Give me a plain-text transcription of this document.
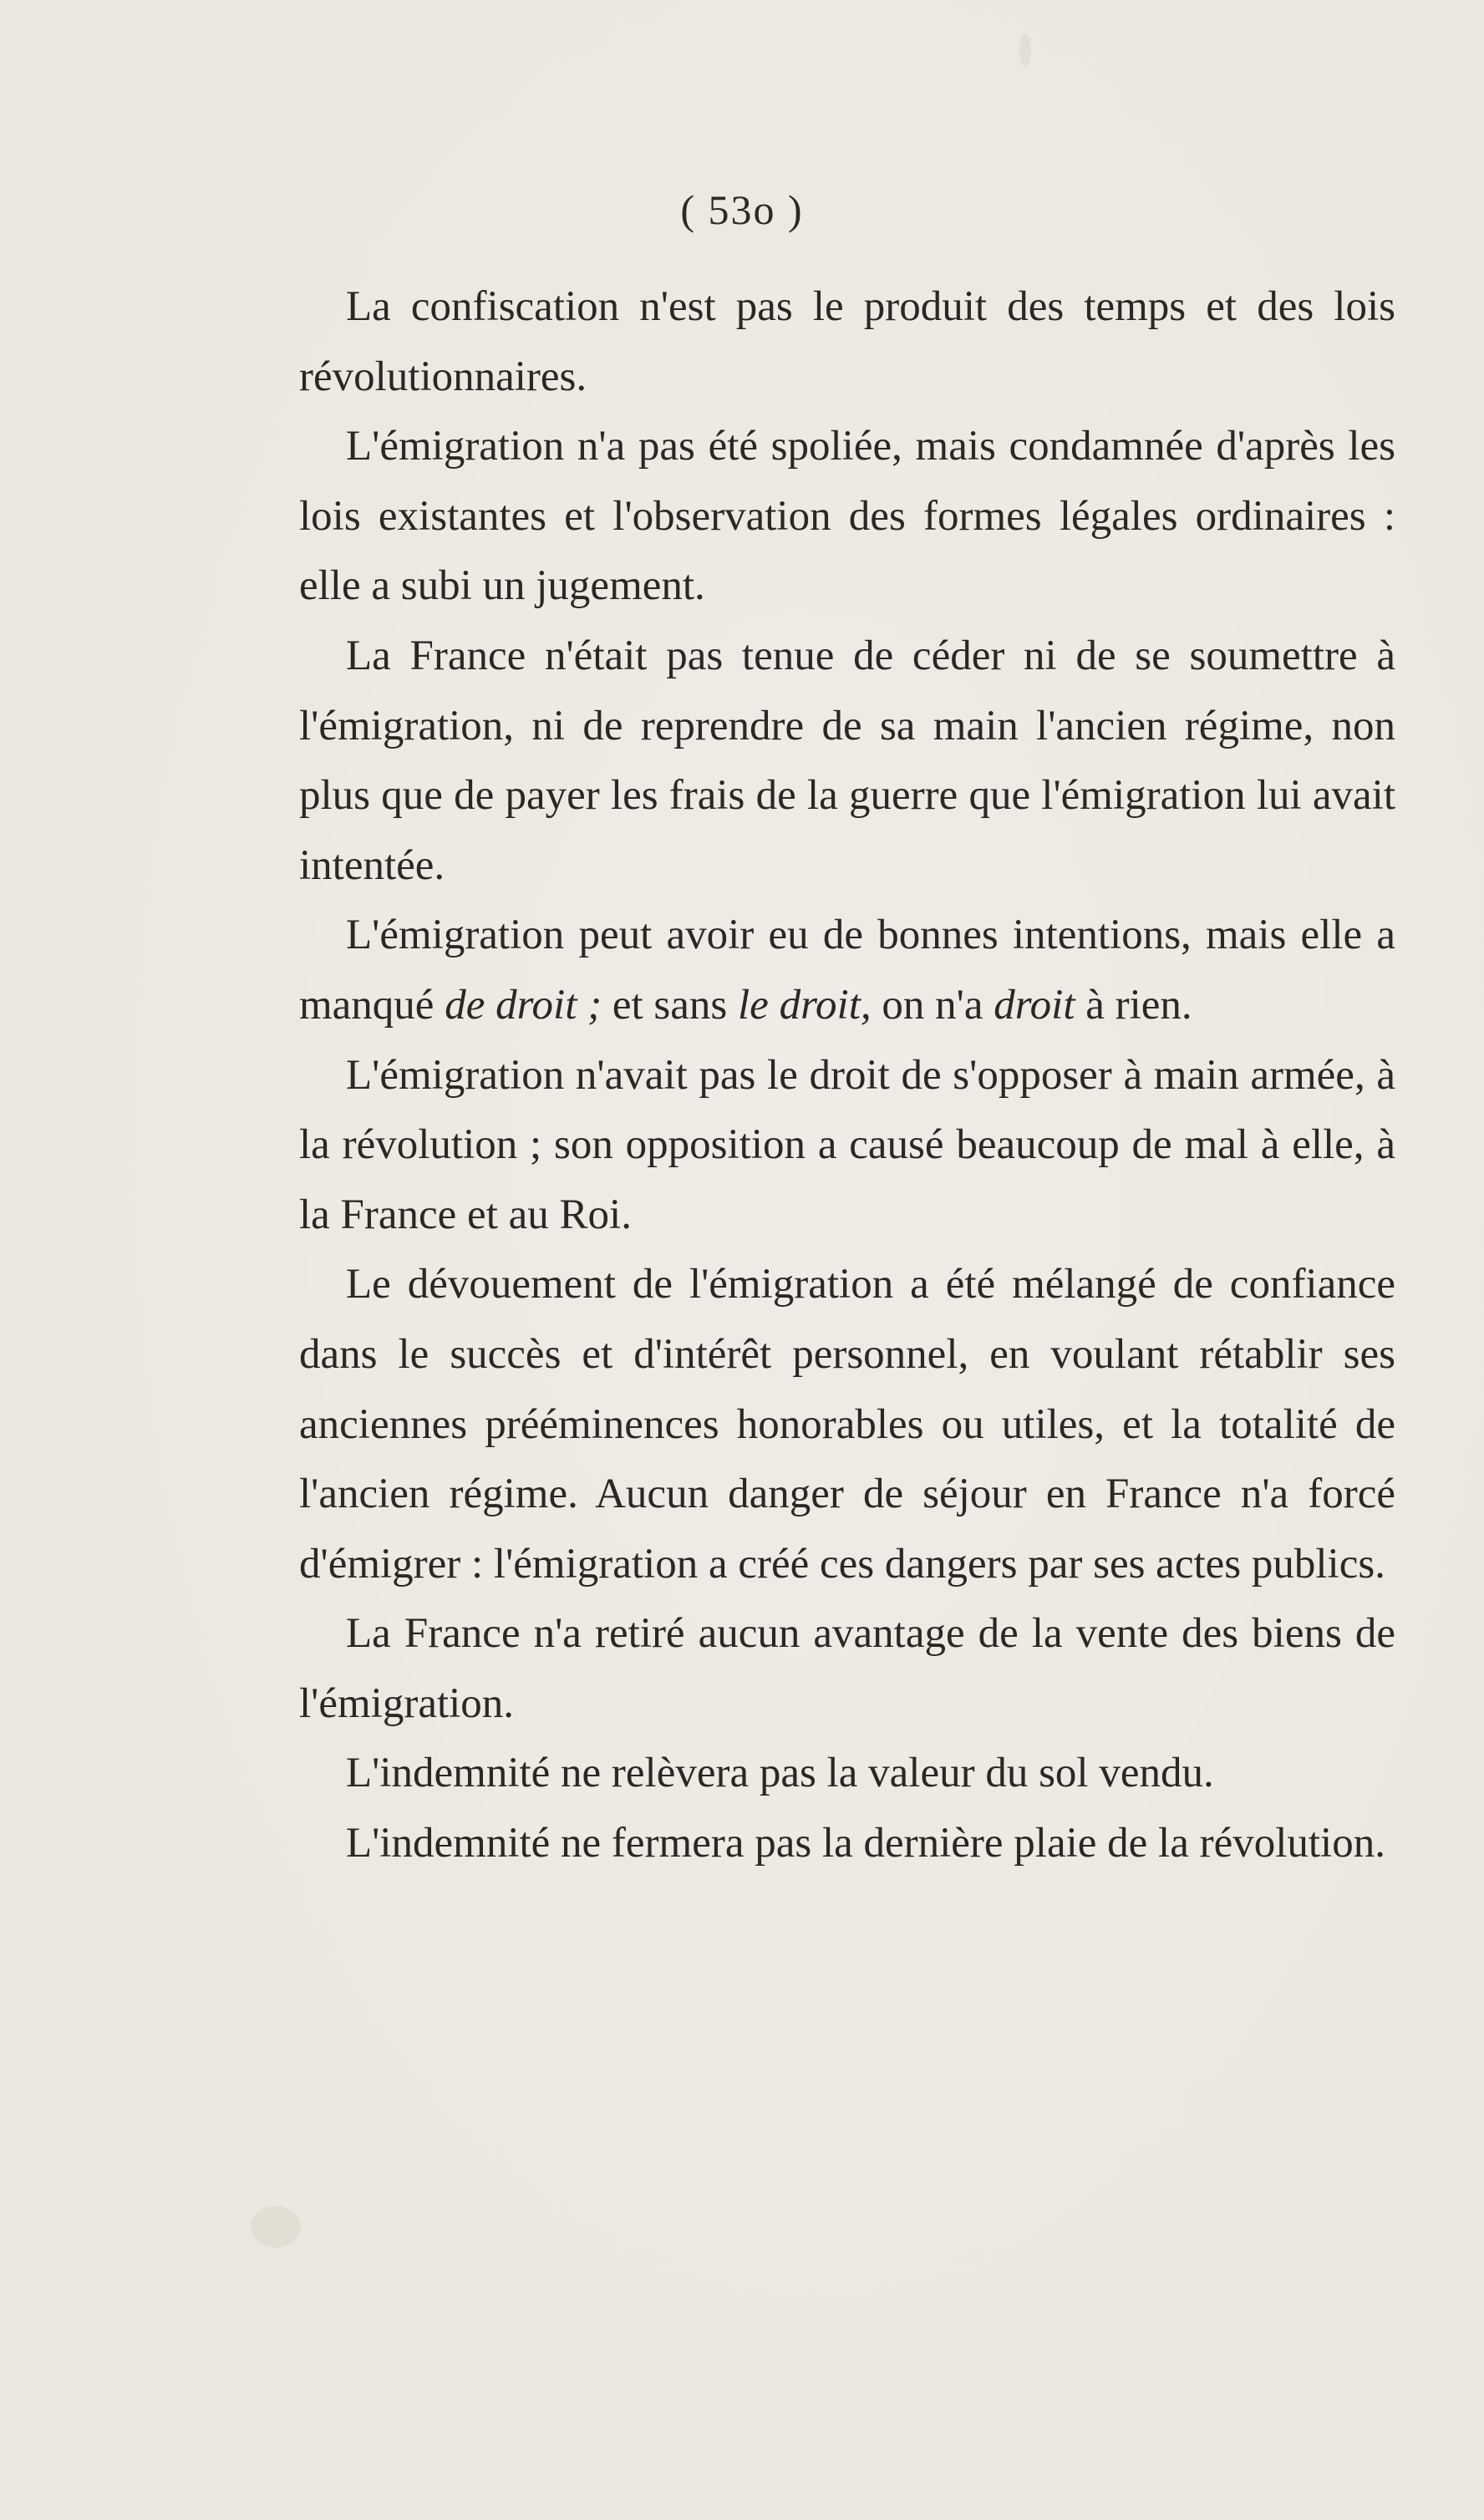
( 53o )

La confiscation n'est pas le produit des temps et des lois révolutionnaires.

L'émigration n'a pas été spoliée, mais condamnée d'après les lois existantes et l'observation des formes légales ordinaires : elle a subi un jugement.

La France n'était pas tenue de céder ni de se soumettre à l'émigration, ni de reprendre de sa main l'ancien régime, non plus que de payer les frais de la guerre que l'émigration lui avait intentée.

L'émigration peut avoir eu de bonnes intentions, mais elle a manqué de droit ; et sans le droit, on n'a droit à rien.

L'émigration n'avait pas le droit de s'opposer à main armée, à la révolution ; son opposition a causé beaucoup de mal à elle, à la France et au Roi.

Le dévouement de l'émigration a été mélangé de confiance dans le succès et d'intérêt personnel, en voulant rétablir ses anciennes prééminences honorables ou utiles, et la totalité de l'ancien régime. Aucun danger de séjour en France n'a forcé d'émigrer : l'émigration a créé ces dangers par ses actes publics.

La France n'a retiré aucun avantage de la vente des biens de l'émigration.

L'indemnité ne relèvera pas la valeur du sol vendu.

L'indemnité ne fermera pas la dernière plaie de la révolution.
